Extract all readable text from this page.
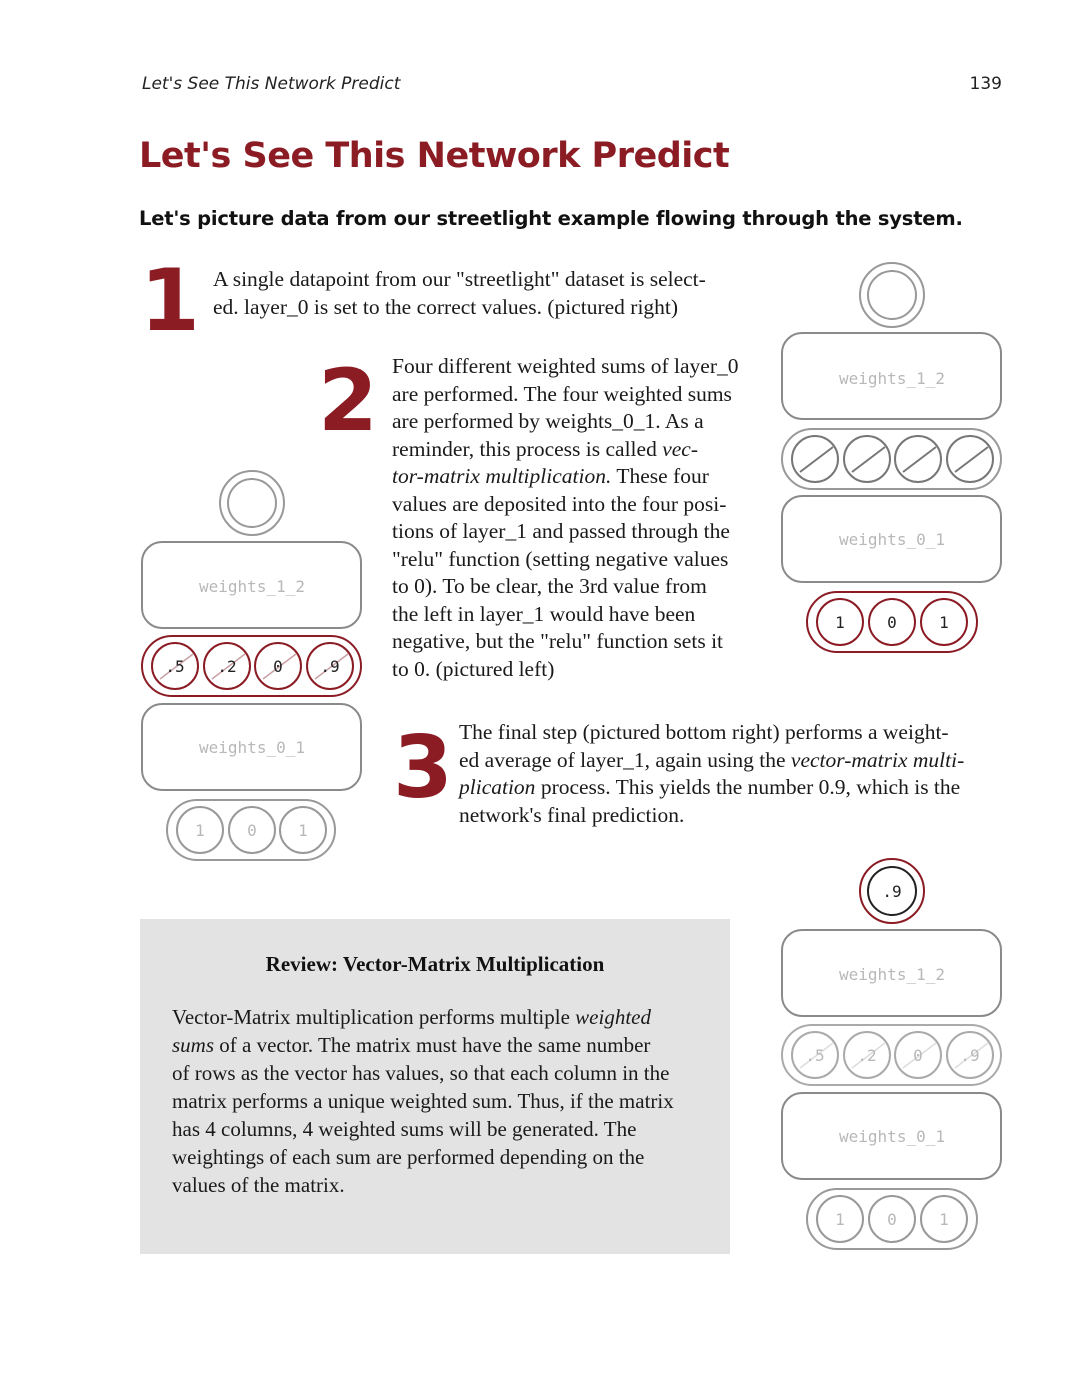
Let's See This Network Predict	139
Let's See This Network Predict
Let's picture data from our streetlight example flowing through the system.
1 A single datapoint from our "streetlight" dataset is select-
ed. layer_0 is set to the correct values. (pictured right)
2 Four different weighted sums of layer_0
are performed. The four weighted sums
are performed by weights_0_1. As a
reminder, this process is called vec-
tor-matrix multiplication. These four
values are deposited into the four posi-
tions of layer_1 and passed through the
"relu" function (setting negative values
to 0). To be clear, the 3rd value from
the left in layer_1 would have been
negative, but the "relu" function sets it
to 0. (pictured left)
3 The final step (pictured bottom right) performs a weight-
ed average of layer_1, again using the vector-matrix multi-
plication process. This yields the number 0.9, which is the
network's final prediction.
Review: Vector-Matrix Multiplication
Vector-Matrix multiplication performs multiple weighted
sums of a vector. The matrix must have the same number
of rows as the vector has values, so that each column in the
matrix performs a unique weighted sum. Thus, if the matrix
has 4 columns, 4 weighted sums will be generated. The
weightings of each sum are performed depending on the
values of the matrix.
weights_1_2
weights_0_1
1	0	1
weights_1_2
.5 .2 0 .9
weights_0_1
1	0	1
.9
weights_1_2
.5 .2 0 .9
weights_0_1
1	0	1
